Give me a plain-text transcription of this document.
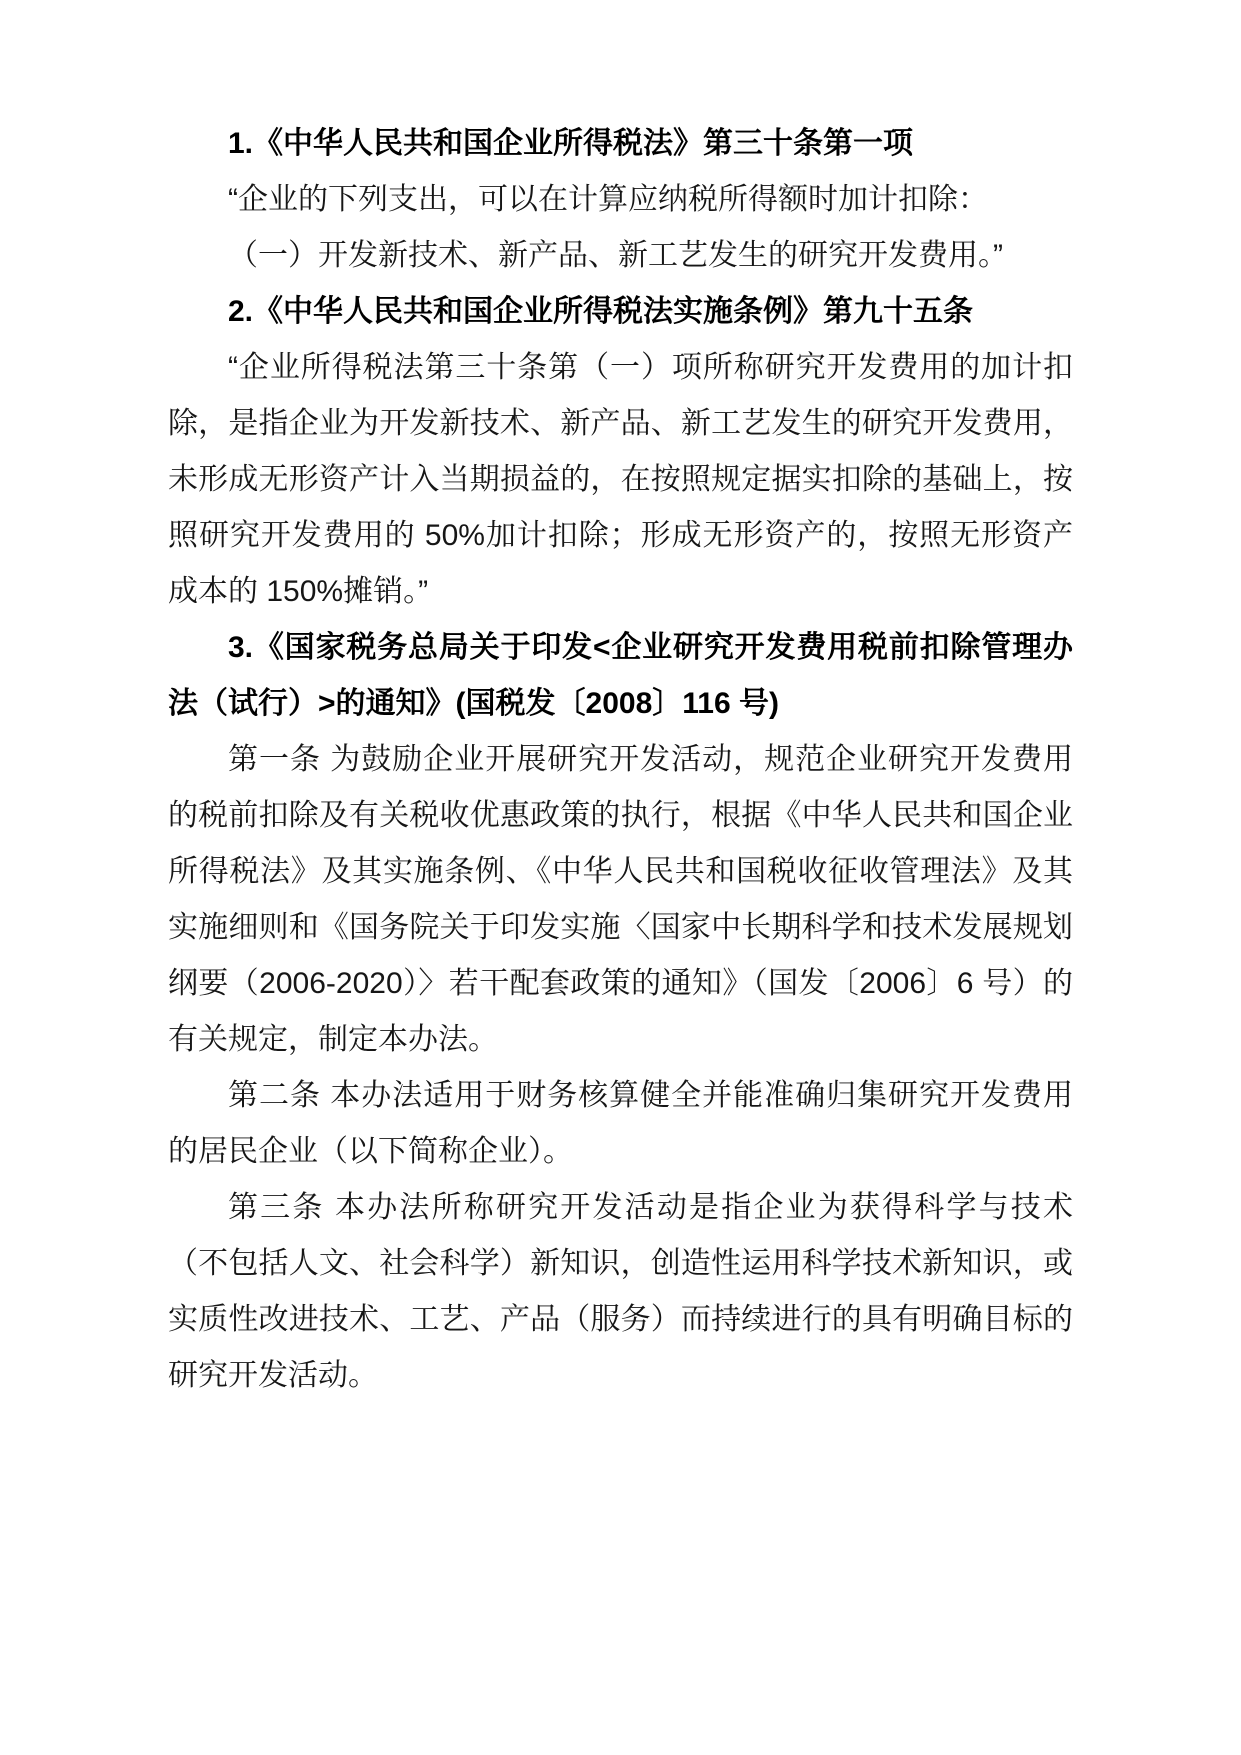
1.《中华人民共和国企业所得税法》第三十条第一项

“企业的下列支出，可以在计算应纳税所得额时加计扣除：

（一）开发新技术、新产品、新工艺发生的研究开发费用。”

2.《中华人民共和国企业所得税法实施条例》第九十五条

“企业所得税法第三十条第（一）项所称研究开发费用的加计扣除，是指企业为开发新技术、新产品、新工艺发生的研究开发费用，未形成无形资产计入当期损益的，在按照规定据实扣除的基础上，按照研究开发费用的 50%加计扣除；形成无形资产的，按照无形资产成本的 150%摊销。”

3.《国家税务总局关于印发<企业研究开发费用税前扣除管理办法（试行）>的通知》(国税发〔2008〕116 号)

第一条 为鼓励企业开展研究开发活动，规范企业研究开发费用的税前扣除及有关税收优惠政策的执行，根据《中华人民共和国企业所得税法》及其实施条例、《中华人民共和国税收征收管理法》及其实施细则和《国务院关于印发实施〈国家中长期科学和技术发展规划纲要（2006-2020）〉若干配套政策的通知》（国发〔2006〕6 号）的有关规定，制定本办法。

第二条 本办法适用于财务核算健全并能准确归集研究开发费用的居民企业（以下简称企业）。

第三条 本办法所称研究开发活动是指企业为获得科学与技术（不包括人文、社会科学）新知识，创造性运用科学技术新知识，或实质性改进技术、工艺、产品（服务）而持续进行的具有明确目标的研究开发活动。
